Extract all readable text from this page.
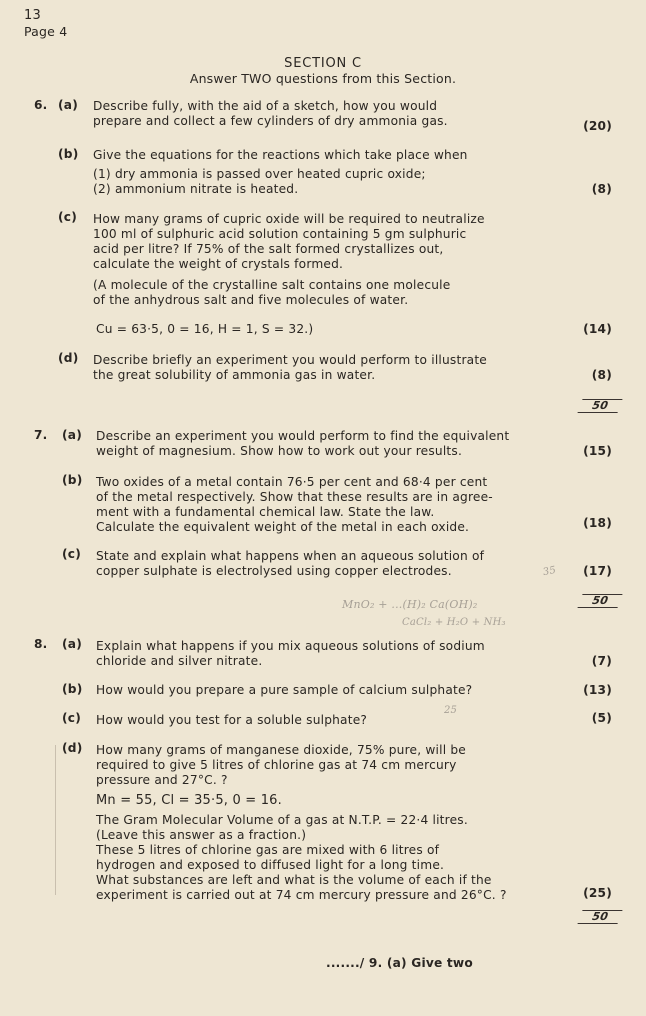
13
Page 4
SECTION C
Answer TWO questions from this Section.
6. (a) Describe fully, with the aid of a sketch, how you would
prepare and collect a few cylinders of dry ammonia gas.	(20)
(b) Give the equations for the reactions which take place when
(1) dry ammonia is passed over heated cupric oxide;
(2) ammonium nitrate is heated.	(8)
(c) How many grams of cupric oxide will be required to neutralize
100 ml of sulphuric acid solution containing 5 gm sulphuric
acid per litre? If 75% of the salt formed crystallizes out,
calculate the weight of crystals formed.
(A molecule of the crystalline salt contains one molecule
of the anhydrous salt and five molecules of water.
Cu = 63·5, 0 = 16, H = 1, S = 32.)	(14)
(d) Describe briefly an experiment you would perform to illustrate
the great solubility of ammonia gas in water.	(8)
50
7. (a) Describe an experiment you would perform to find the equivalent
weight of magnesium. Show how to work out your results.	(15)
(b) Two oxides of a metal contain 76·5 per cent and 68·4 per cent
of the metal respectively. Show that these results are in agree-
ment with a fundamental chemical law. State the law.
Calculate the equivalent weight of the metal in each oxide.	(18)
(c) State and explain what happens when an aqueous solution of
copper sulphate is electrolysed using copper electrodes.	(17)
50
MnO₂ + ...(H)₂ Ca(OH)₂
CaCl₂ + H₂O + NH₃
35
25
8. (a) Explain what happens if you mix aqueous solutions of sodium
chloride and silver nitrate.	(7)
(b) How would you prepare a pure sample of calcium sulphate?	(13)
(c) How would you test for a soluble sulphate?	(5)
(d) How many grams of manganese dioxide, 75% pure, will be
required to give 5 litres of chlorine gas at 74 cm mercury
pressure and 27°C. ?
Mn = 55, Cl = 35·5, 0 = 16.
The Gram Molecular Volume of a gas at N.T.P. = 22·4 litres.
(Leave this answer as a fraction.)
These 5 litres of chlorine gas are mixed with 6 litres of
hydrogen and exposed to diffused light for a long time.
What substances are left and what is the volume of each if the
experiment is carried out at 74 cm mercury pressure and 26°C. ?	(25)
50
......./ 9. (a) Give two
